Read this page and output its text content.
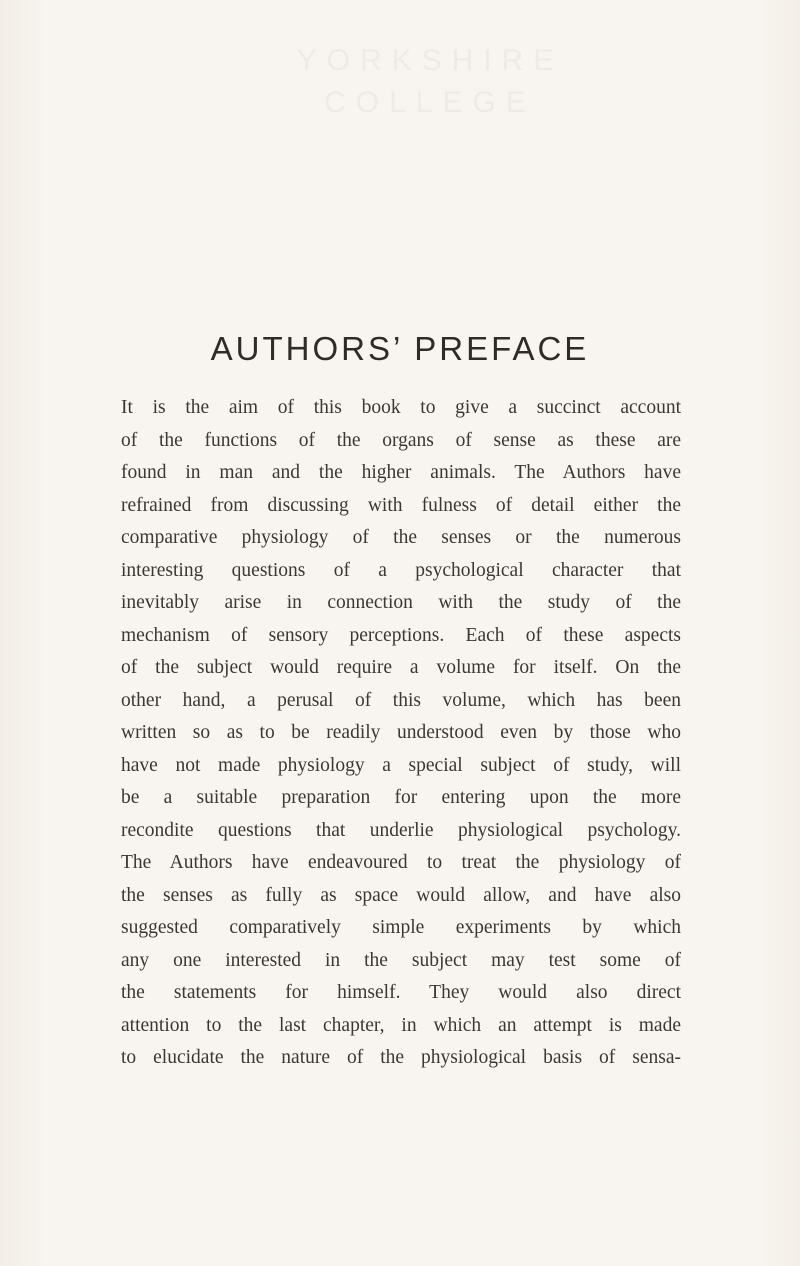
YORKSHIRE
COLLEGE
AUTHORS’ PREFACE
It is the aim of this book to give a succinct account
of the functions of the organs of sense as these are
found in man and the higher animals. The Authors have
refrained from discussing with fulness of detail either the
comparative physiology of the senses or the numerous
interesting questions of a psychological character that
inevitably arise in connection with the study of the
mechanism of sensory perceptions. Each of these aspects
of the subject would require a volume for itself. On the
other hand, a perusal of this volume, which has been
written so as to be readily understood even by those who
have not made physiology a special subject of study, will
be a suitable preparation for entering upon the more
recondite questions that underlie physiological psychology.
The Authors have endeavoured to treat the physiology of
the senses as fully as space would allow, and have also
suggested comparatively simple experiments by which
any one interested in the subject may test some of
the statements for himself. They would also direct
attention to the last chapter, in which an attempt is made
to elucidate the nature of the physiological basis of sensa-
